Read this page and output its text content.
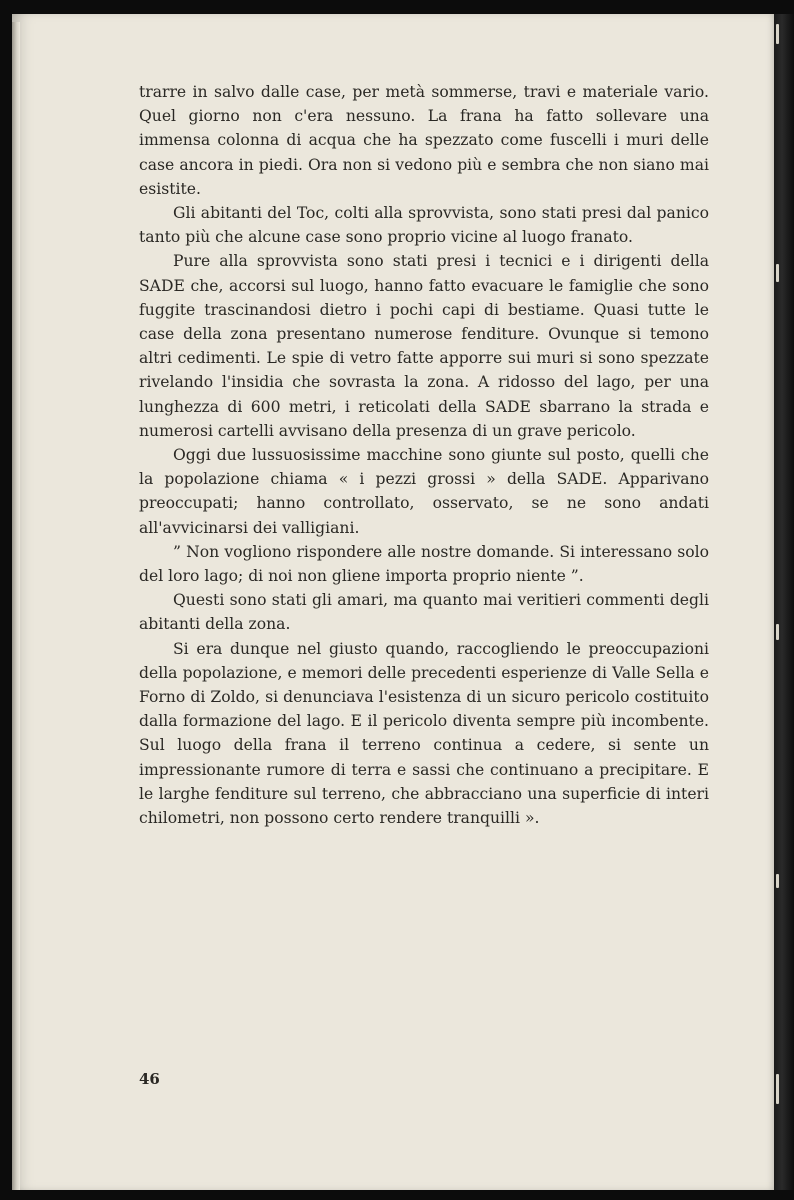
trarre in salvo dalle case, per metà sommerse, travi e materiale vario. Quel giorno non c'era nessuno. La frana ha fatto sollevare una immensa colonna di acqua che ha spezzato come fuscelli i muri delle case ancora in piedi. Ora non si vedono più e sembra che non siano mai esistite.

Gli abitanti del Toc, colti alla sprovvista, sono stati presi dal panico tanto più che alcune case sono proprio vicine al luogo franato.

Pure alla sprovvista sono stati presi i tecnici e i dirigenti della SADE che, accorsi sul luogo, hanno fatto evacuare le famiglie che sono fuggite trascinandosi dietro i pochi capi di bestiame. Quasi tutte le case della zona presentano numerose fenditure. Ovunque si temono altri cedimenti. Le spie di vetro fatte apporre sui muri si sono spezzate rivelando l'insidia che sovrasta la zona. A ridosso del lago, per una lunghezza di 600 metri, i reticolati della SADE sbarrano la strada e numerosi cartelli avvisano della presenza di un grave pericolo.

Oggi due lussuosissime macchine sono giunte sul posto, quelli che la popolazione chiama « i pezzi grossi » della SADE. Apparivano preoccupati; hanno controllato, osservato, se ne sono andati all'avvicinarsi dei valligiani.

” Non vogliono rispondere alle nostre domande. Si interessano solo del loro lago; di noi non gliene importa proprio niente ”.

Questi sono stati gli amari, ma quanto mai veritieri commenti degli abitanti della zona.

Si era dunque nel giusto quando, raccogliendo le preoccupazioni della popolazione, e memori delle precedenti esperienze di Valle Sella e Forno di Zoldo, si denunciava l'esistenza di un sicuro pericolo costituito dalla formazione del lago. E il pericolo diventa sempre più incombente. Sul luogo della frana il terreno continua a cedere, si sente un impressionante rumore di terra e sassi che continuano a precipitare. E le larghe fenditure sul terreno, che abbracciano una superficie di interi chilometri, non possono certo rendere tranquilli ».

46
